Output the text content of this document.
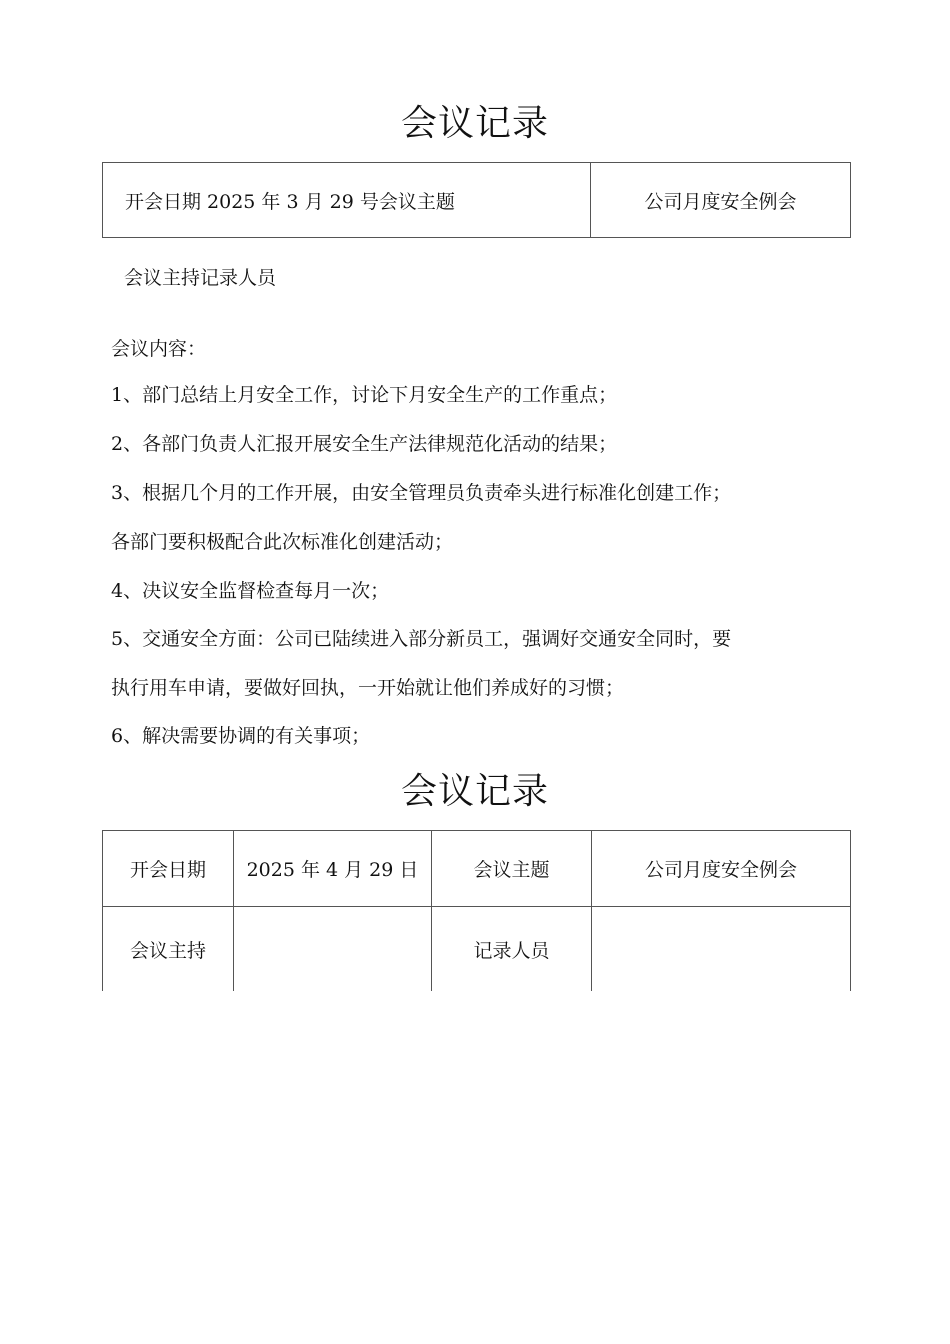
会议记录
开会日期 2025 年 3 月 29 号会议主题	公司月度安全例会
会议主持记录人员
会议内容：
1、部门总结上月安全工作，讨论下月安全生产的工作重点；
2、各部门负责人汇报开展安全生产法律规范化活动的结果；
3、根据几个月的工作开展，由安全管理员负责牵头进行标准化创建工作；
各部门要积极配合此次标准化创建活动；
4、决议安全监督检查每月一次；
5、交通安全方面：公司已陆续进入部分新员工，强调好交通安全同时，要
执行用车申请，要做好回执，一开始就让他们养成好的习惯；
6、解决需要协调的有关事项；
会议记录
开会日期	2025 年 4 月 29 日	会议主题	公司月度安全例会
会议主持		记录人员	
